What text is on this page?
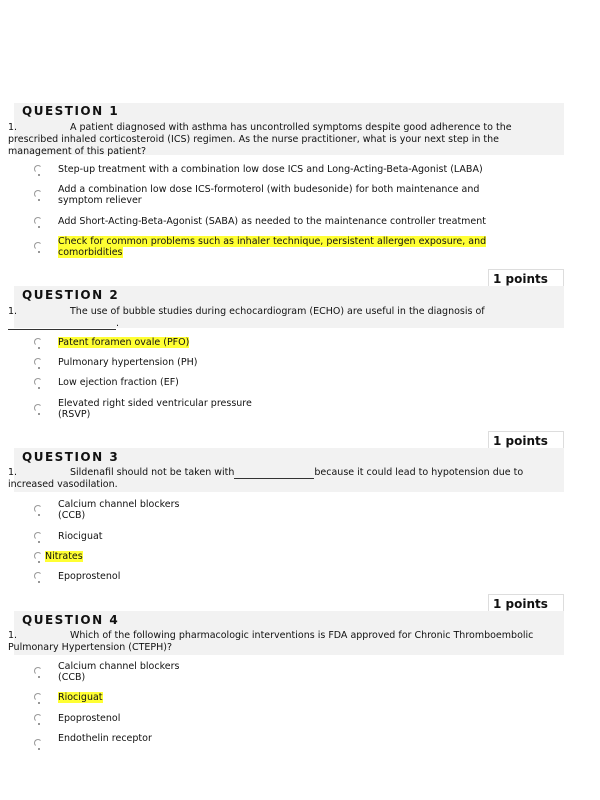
QUESTION 1
1.	A patient diagnosed with asthma has uncontrolled symptoms despite good adherence to the
prescribed inhaled corticosteroid (ICS) regimen. As the nurse practitioner, what is your next step in the
management of this patient?
Step-up treatment with a combination low dose ICS and Long-Acting-Beta-Agonist (LABA)
Add a combination low dose ICS-formoterol (with budesonide) for both maintenance and
symptom reliever
Add Short-Acting-Beta-Agonist (SABA) as needed to the maintenance controller treatment
Check for common problems such as inhaler technique, persistent allergen exposure, and
comorbidities
1 points
QUESTION 2
1.	The use of bubble studies during echocardiogram (ECHO) are useful in the diagnosis of
.
Patent foramen ovale (PFO)
Pulmonary hypertension (PH)
Low ejection fraction (EF)
Elevated right sided ventricular pressure
(RSVP)
1 points
QUESTION 3
1.	Sildenafil should not be taken with	because it could lead to hypotension due to
increased vasodilation.
Calcium channel blockers
(CCB)
Riociguat
Nitrates
Epoprostenol
1 points
QUESTION 4
1.	Which of the following pharmacologic interventions is FDA approved for Chronic Thromboembolic
Pulmonary Hypertension (CTEPH)?
Calcium channel blockers
(CCB)
Riociguat
Epoprostenol
Endothelin receptor
